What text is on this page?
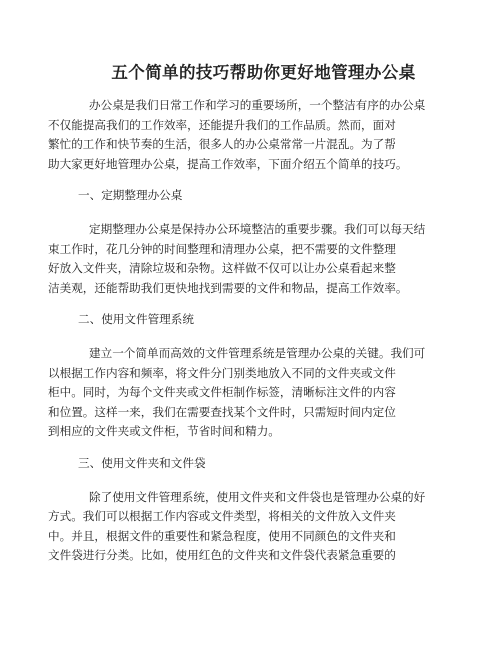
五个简单的技巧帮助你更好地管理办公桌

办公桌是我们日常工作和学习的重要场所，一个整洁有序的办公桌
不仅能提高我们的工作效率，还能提升我们的工作品质。然而，面对
繁忙的工作和快节奏的生活，很多人的办公桌常常一片混乱。为了帮
助大家更好地管理办公桌，提高工作效率，下面介绍五个简单的技巧。

一、定期整理办公桌

定期整理办公桌是保持办公环境整洁的重要步骤。我们可以每天结
束工作时，花几分钟的时间整理和清理办公桌，把不需要的文件整理
好放入文件夹，清除垃圾和杂物。这样做不仅可以让办公桌看起来整
洁美观，还能帮助我们更快地找到需要的文件和物品，提高工作效率。

二、使用文件管理系统

建立一个简单而高效的文件管理系统是管理办公桌的关键。我们可
以根据工作内容和频率，将文件分门别类地放入不同的文件夹或文件
柜中。同时，为每个文件夹或文件柜制作标签，清晰标注文件的内容
和位置。这样一来，我们在需要查找某个文件时，只需短时间内定位
到相应的文件夹或文件柜，节省时间和精力。

三、使用文件夹和文件袋

除了使用文件管理系统，使用文件夹和文件袋也是管理办公桌的好
方式。我们可以根据工作内容或文件类型，将相关的文件放入文件夹
中。并且，根据文件的重要性和紧急程度，使用不同颜色的文件夹和
文件袋进行分类。比如，使用红色的文件夹和文件袋代表紧急重要的
